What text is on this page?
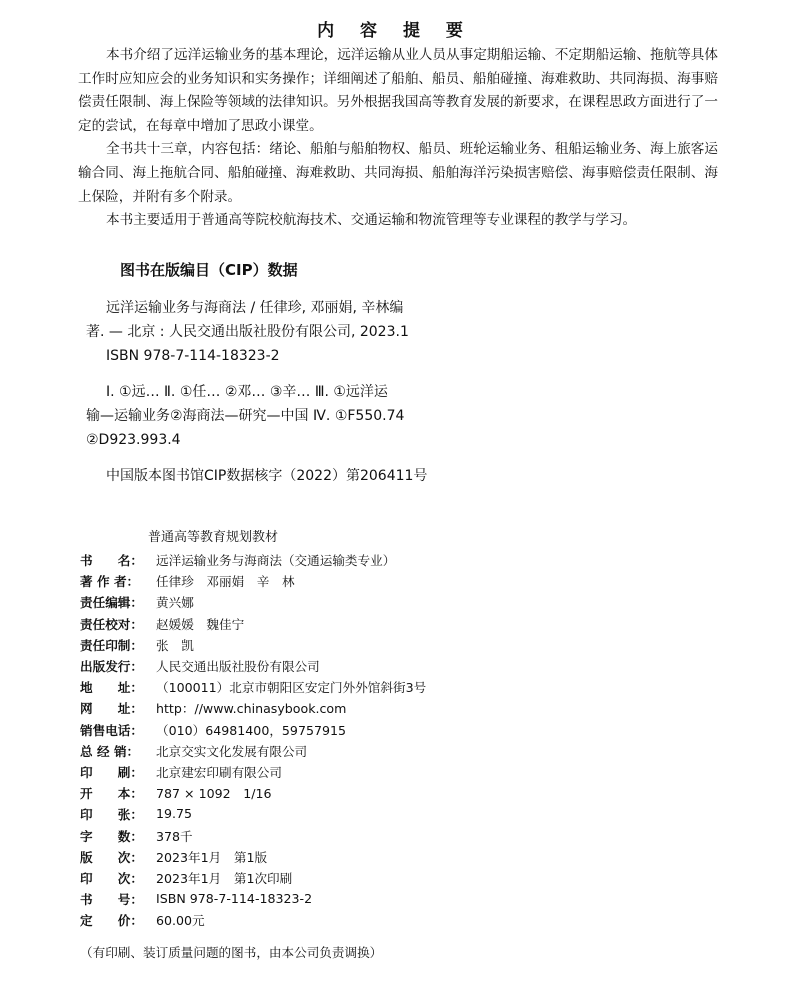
内 容 提 要

本书介绍了远洋运输业务的基本理论，远洋运输从业人员从事定期船运输、不定期船运输、拖航等具体工作时应知应会的业务知识和实务操作；详细阐述了船舶、船员、船舶碰撞、海难救助、共同海损、海事赔偿责任限制、海上保险等领域的法律知识。另外根据我国高等教育发展的新要求，在课程思政方面进行了一定的尝试，在每章中增加了思政小课堂。

全书共十三章，内容包括：绪论、船舶与船舶物权、船员、班轮运输业务、租船运输业务、海上旅客运输合同、海上拖航合同、船舶碰撞、海难救助、共同海损、船舶海洋污染损害赔偿、海事赔偿责任限制、海上保险，并附有多个附录。

本书主要适用于普通高等院校航海技术、交通运输和物流管理等专业课程的教学与学习。

图书在版编目（CIP）数据
远洋运输业务与海商法 / 任律珍, 邓丽娟, 辛林编
著. — 北京 : 人民交通出版社股份有限公司, 2023.1
ISBN 978-7-114-18323-2
Ⅰ. ①远… Ⅱ. ①任… ②邓… ③辛… Ⅲ. ①远洋运
输—运输业务②海商法—研究—中国 Ⅳ. ①F550.74
②D923.993.4
中国版本图书馆CIP数据核字（2022）第206411号
普通高等教育规划教材
书　　名：	远洋运输业务与海商法（交通运输类专业）
著 作 者：	任律珍　邓丽娟　辛　林
责任编辑：	黄兴娜
责任校对：	赵媛媛　魏佳宁
责任印制：	张　凯
出版发行：	人民交通出版社股份有限公司
地　　址：	（100011）北京市朝阳区安定门外外馆斜街3号
网　　址：	http：//www.chinasybook.com
销售电话：	（010）64981400，59757915
总 经 销：	北京交实文化发展有限公司
印　　刷：	北京建宏印刷有限公司
开　　本：	787 × 1092　1/16
印　　张：	19.75
字　　数：	378千
版　　次：	2023年1月　第1版
印　　次：	2023年1月　第1次印刷
书　　号：	ISBN 978-7-114-18323-2
定　　价：	60.00元
（有印刷、装订质量问题的图书，由本公司负责调换）
